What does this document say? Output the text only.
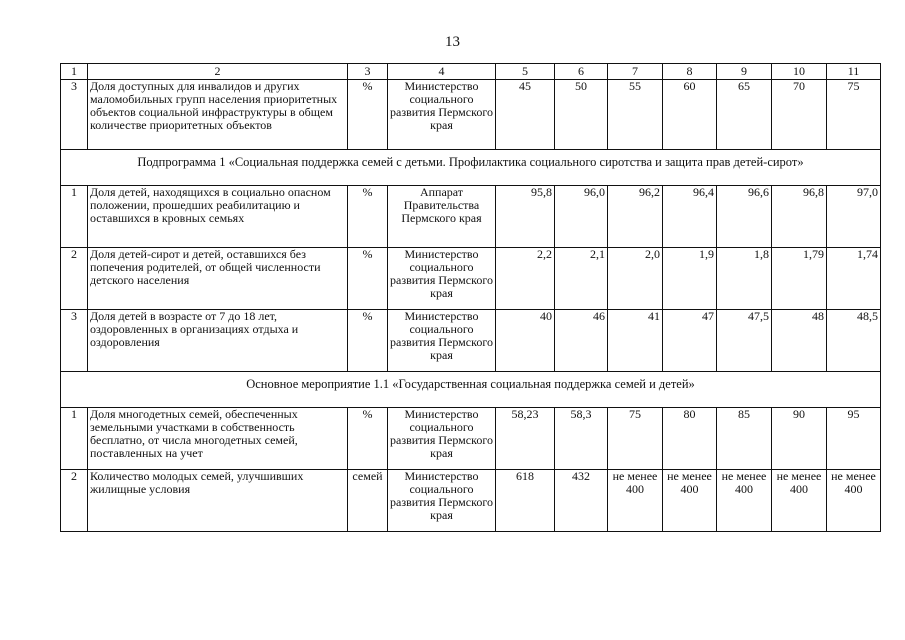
13
1	2	3	4	5	6	7	8	9	10	11
3	Доля доступных для инвалидов и других маломобильных групп населения приоритетных объектов социальной инфраструктуры в общем количестве приоритетных объектов	%	Министерство социального развития Пермского края	45	50	55	60	65	70	75
Подпрограмма 1 «Социальная поддержка семей с детьми. Профилактика социального сиротства и защита прав детей-сирот»										
1	Доля детей, находящихся в социально опасном положении, прошедших реабилитацию и оставшихся в кровных семьях	%	Аппарат Правительства Пермского края	95,8	96,0	96,2	96,4	96,6	96,8	97,0
2	Доля детей-сирот и детей, оставшихся без попечения родителей, от общей численности детского населения	%	Министерство социального развития Пермского края	2,2	2,1	2,0	1,9	1,8	1,79	1,74
3	Доля детей в возрасте от 7 до 18 лет, оздоровленных в организациях отдыха и оздоровления	%	Министерство социального развития Пермского края	40	46	41	47	47,5	48	48,5
Основное мероприятие 1.1 «Государственная социальная поддержка семей и детей»										
1	Доля многодетных семей, обеспеченных земельными участками в собственность бесплатно, от числа многодетных семей, поставленных на учет	%	Министерство социального развития Пермского края	58,23	58,3	75	80	85	90	95
2	Количество молодых семей, улучшивших жилищные условия	семей	Министерство социального развития Пермского края	618	432	не менее 400	не менее 400	не менее 400	не менее 400	не менее 400
